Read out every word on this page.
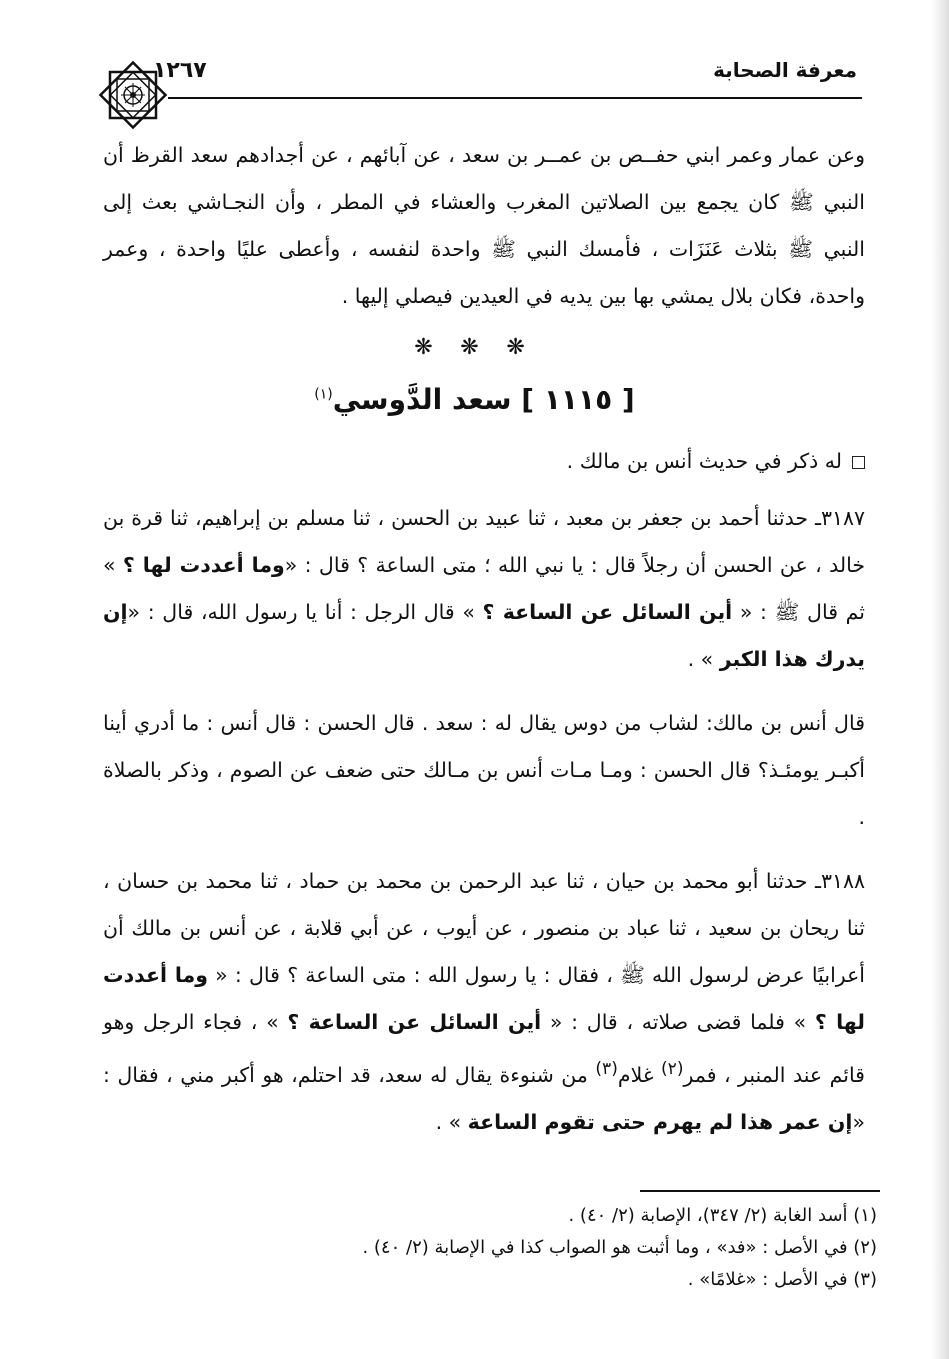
معرفة الصحابة
١٢٦٧

وعن عمار وعمر ابني حفــص بن عمــر بن سعد ، عن آبائهم ، عن أجدادهم سعد القرظ أن النبي ﷺ كان يجمع بين الصلاتين المغرب والعشاء في المطر ، وأن النجـاشي بعث إلى النبي ﷺ بثلاث عَنَزَات ، فأمسك النبي ﷺ واحدة لنفسه ، وأعطى عليًا واحدة ، وعمر واحدة، فكان بلال يمشي بها بين يديه في العيدين فيصلي إليها .

❋ ❋ ❋
[ ١١١٥ ] سعد الدَّوسي$^{(١)}$

له ذكر في حديث أنس بن مالك .

٣١٨٧ـ حدثنا أحمد بن جعفر بن معبد ، ثنا عبيد بن الحسن ، ثنا مسلم بن إبراهيم، ثنا قرة بن خالد ، عن الحسن أن رجلاً قال : يا نبي الله ؛ متى الساعة ؟ قال : «وما أعددت لها ؟ » ثم قال ﷺ : « أين السائل عن الساعة ؟ » قال الرجل : أنا يا رسول الله، قال : «إن يدرك هذا الكبر » .

قال أنس بن مالك: لشاب من دوس يقال له : سعد . قال الحسن : قال أنس : ما أدري أينا أكبـر يومئـذ؟ قال الحسن : ومـا مـات أنس بن مـالك حتى ضعف عن الصوم ، وذكر بالصلاة .

٣١٨٨ـ حدثنا أبو محمد بن حيان ، ثنا عبد الرحمن بن محمد بن حماد ، ثنا محمد بن حسان ، ثنا ريحان بن سعيد ، ثنا عباد بن منصور ، عن أيوب ، عن أبي قلابة ، عن أنس بن مالك أن أعرابيًا عرض لرسول الله ﷺ ، فقال : يا رسول الله : متى الساعة ؟ قال : « وما أعددت لها ؟ » فلما قضى صلاته ، قال : « أين السائل عن الساعة ؟ » ، فجاء الرجل وهو قائم عند المنبر ، فمر$^{(٢)}$ غلام$^{(٣)}$ من شنوءة يقال له سعد، قد احتلم، هو أكبر مني ، فقال : «إن عمر هذا لم يهرم حتى تقوم الساعة » .

(١) أسد الغابة (٢/ ٣٤٧)، الإصابة (٢/ ٤٠) .
(٢) في الأصل : «فد» ، وما أثبت هو الصواب كذا في الإصابة (٢/ ٤٠) .
(٣) في الأصل : «غلامًا» .
